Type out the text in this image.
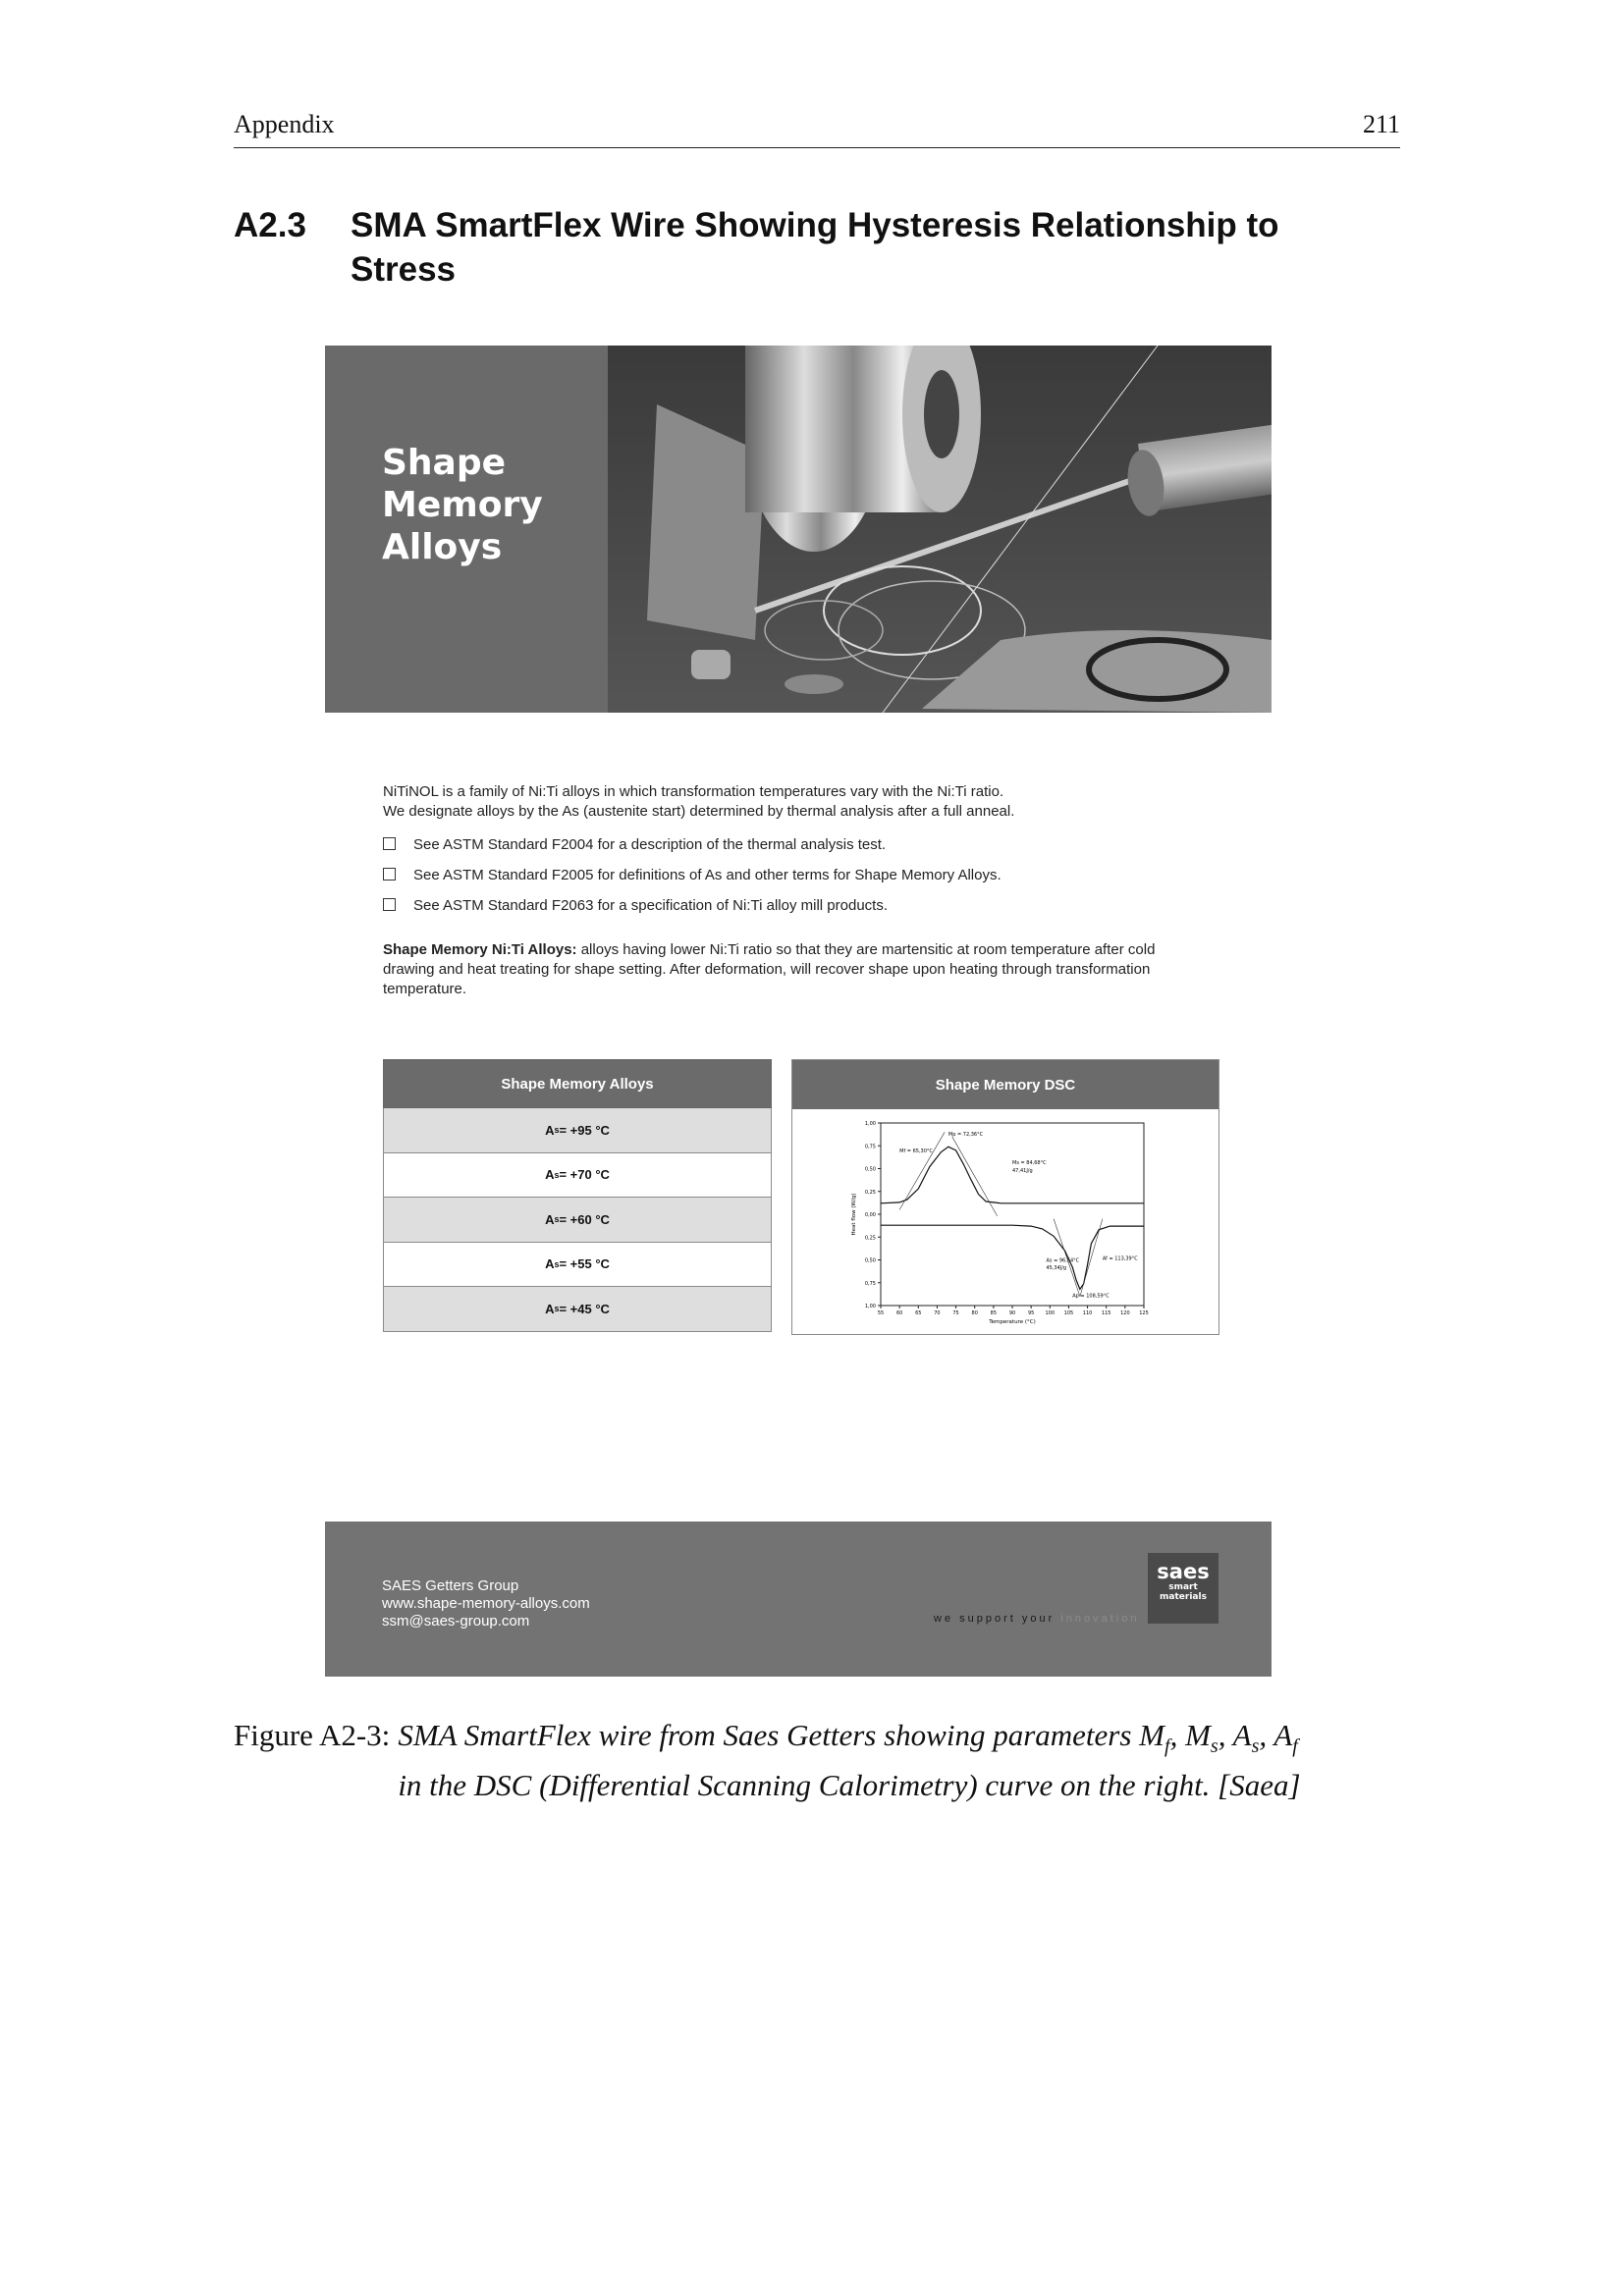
Appendix	211
A2.3 SMA SmartFlex Wire Showing Hysteresis Relationship to
Stress
Shape
Memory
Alloys
NiTiNOL is a family of Ni:Ti alloys in which transformation temperatures vary with the Ni:Ti ratio.
We designate alloys by the As (austenite start) determined by thermal analysis after a full anneal.
See ASTM Standard F2004 for a description of the thermal analysis test.
See ASTM Standard F2005 for definitions of As and other terms for Shape Memory Alloys.
See ASTM Standard F2063 for a specification of Ni:Ti alloy mill products.
Shape Memory Ni:Ti Alloys: alloys having lower Ni:Ti ratio so that they are martensitic at room temperature after cold
drawing and heat treating for shape setting. After deformation, will recover shape upon heating through transformation
temperature.
Shape Memory Alloys
A s = +95 °C
A s = +70 °C
A s = +60 °C
A s = +55 °C
A s = +45 °C
Shape Memory DSC
1,00
0,75
0,50
0,25
0,00
0,25
0,50
0,75
1,00
55	60	65	70	75	80	85	90	95 100 105 110 115 120 125
Temperature (°C)
Heat flow (W/g)
Mp = 72,36°C
Mf = 65,30°C
Ms = 84,68°C
47,41J/g
As = 96,54°C
45,34J/g
Af = 113,39°C
Ap = 108,59°C
SAES Getters Group
www.shape-memory-alloys.com
ssm@saes-group.com	we support your innovation
saes
smart
materials
Figure A2-3: SMA SmartFlex wire from Saes Getters showing parameters $M_f$, $M_s$, $A_s$, $A_f$
in the DSC (Differential Scanning Calorimetry) curve on the right. [Saea]
